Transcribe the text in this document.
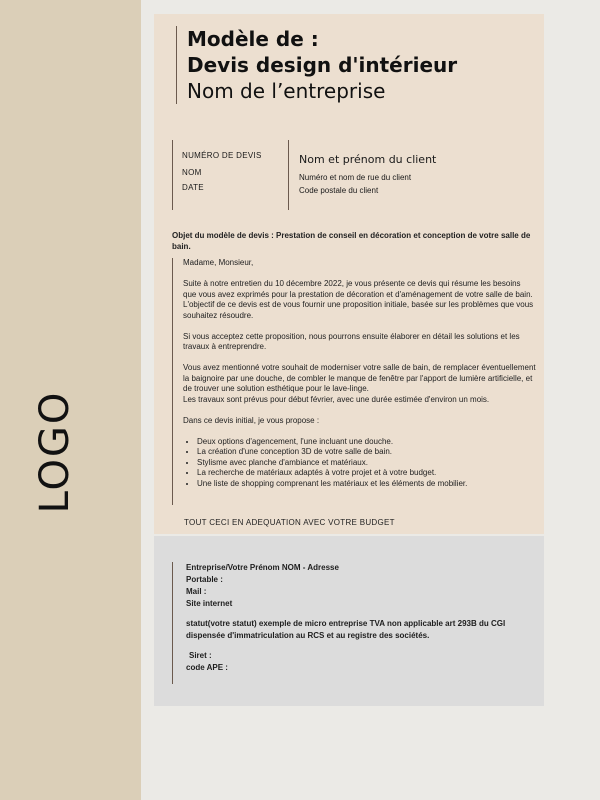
LOGO
Modèle de :
Devis design d'intérieur
Nom de l’entreprise
NUMÉRO DE DEVIS
NOM
DATE
Nom et prénom du client
Numéro et nom de rue du client
Code postale du client
Objet du modèle de devis : Prestation de conseil en décoration et conception de votre salle de bain.

Madame, Monsieur,

Suite à notre entretien du 10 décembre 2022, je vous présente ce devis qui résume les besoins que vous avez exprimés pour la prestation de décoration et d'aménagement de votre salle de bain.

L'objectif de ce devis est de vous fournir une proposition initiale, basée sur les problèmes que vous souhaitez résoudre.

Si vous acceptez cette proposition, nous pourrons ensuite élaborer en détail les solutions et les travaux à entreprendre.

Vous avez mentionné votre souhait de moderniser votre salle de bain, de remplacer éventuellement la baignoire par une douche, de combler le manque de fenêtre par l'apport de lumière artificielle, et de trouver une solution esthétique pour le lave-linge.

Les travaux sont prévus pour début février, avec une durée estimée d'environ un mois.

Dans ce devis initial, je vous propose :

• Deux options d'agencement, l'une incluant une douche.
• La création d'une conception 3D de votre salle de bain.
• Stylisme avec planche d'ambiance et matériaux.
• La recherche de matériaux adaptés à votre projet et à votre budget.
• Une liste de shopping comprenant les matériaux et les éléments de mobilier.
TOUT CECI EN ADEQUATION AVEC VOTRE BUDGET
Entreprise/Votre Prénom NOM - Adresse
Portable :
Mail :
Site internet
statut(votre statut) exemple de micro entreprise TVA non applicable art 293B du CGI dispensée d'immatriculation au RCS et au registre des sociétés.
Siret :
code APE :
